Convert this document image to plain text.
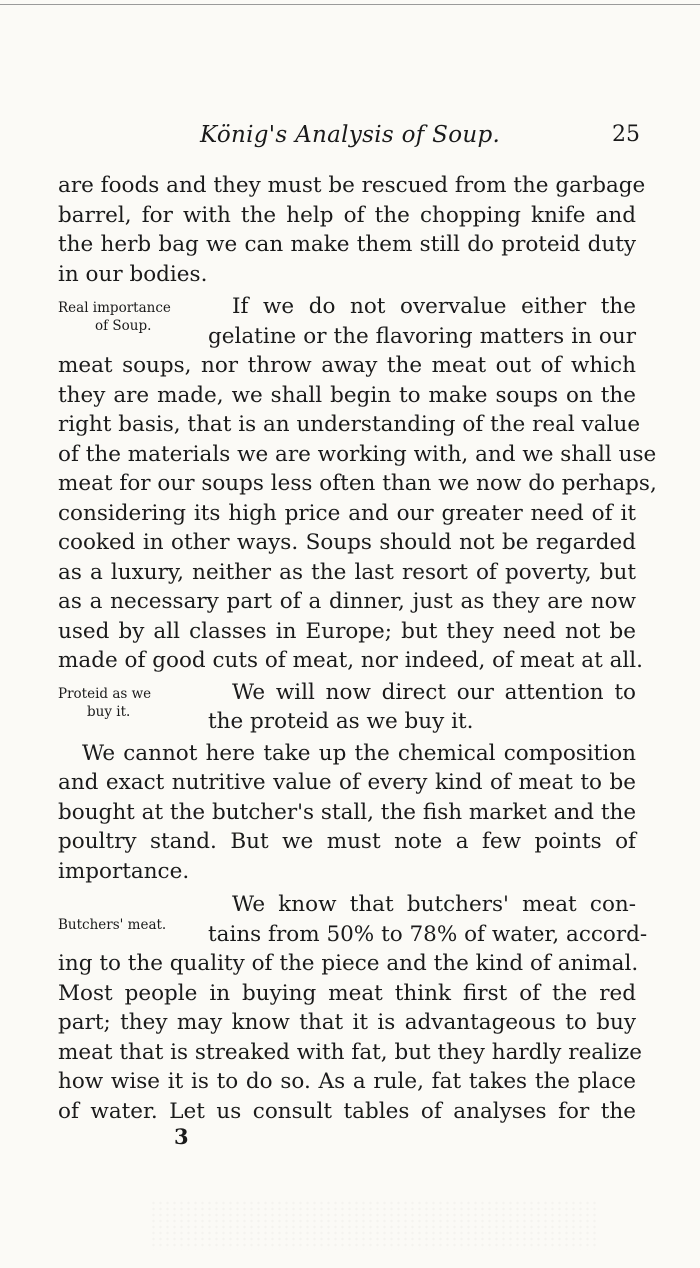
König's Analysis of Soup.	25
are foods and they must be rescued from the garbage
barrel, for with the help of the chopping knife and
the herb bag we can make them still do proteid duty
in our bodies.
Real importance
of Soup.
If we do not overvalue either the
gelatine or the flavoring matters in our
meat soups, nor throw away the meat out of which
they are made, we shall begin to make soups on the
right basis, that is an understanding of the real value
of the materials we are working with, and we shall use
meat for our soups less often than we now do perhaps,
considering its high price and our greater need of it
cooked in other ways. Soups should not be regarded
as a luxury, neither as the last resort of poverty, but
as a necessary part of a dinner, just as they are now
used by all classes in Europe; but they need not be
made of good cuts of meat, nor indeed, of meat at all.
Proteid as we
buy it.
We will now direct our attention to
the proteid as we buy it.
We cannot here take up the chemical composition
and exact nutritive value of every kind of meat to be
bought at the butcher's stall, the fish market and the
poultry stand. But we must note a few points of
importance.
Butchers' meat.
We know that butchers' meat con-
tains from 50% to 78% of water, accord-
ing to the quality of the piece and the kind of animal.
Most people in buying meat think first of the red
part; they may know that it is advantageous to buy
meat that is streaked with fat, but they hardly realize
how wise it is to do so. As a rule, fat takes the place
of water. Let us consult tables of analyses for the
3
